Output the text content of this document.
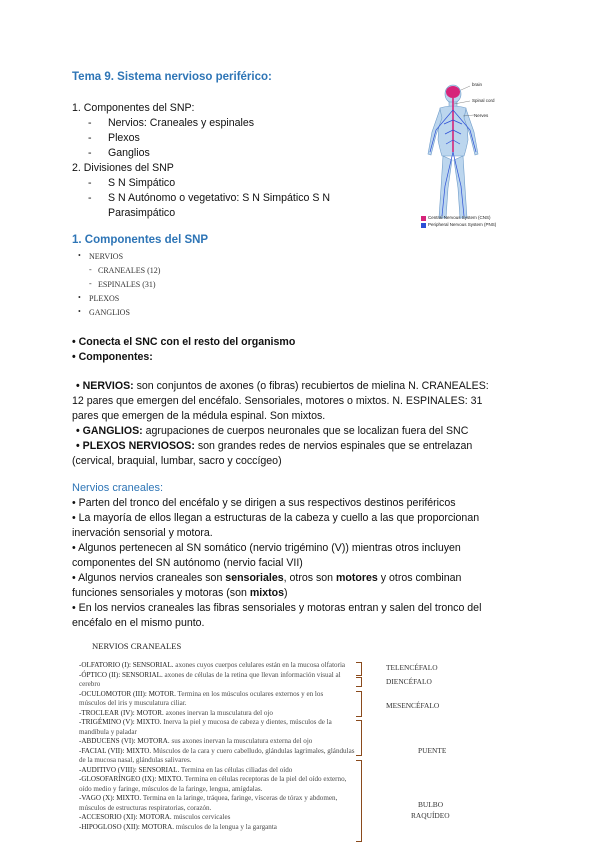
Tema 9. Sistema nervioso periférico:
1. Componentes del SNP:
- Nervios: Craneales y espinales
- Plexos
- Ganglios
2. Divisiones del SNP
- S N Simpático
- S N Autónomo o vegetativo: S N Simpático S N
Parasimpático
brain
Spinal cord
Nerves
Central Nervous System (CNS)
Peripheral Nervous System (PNS)
1. Componentes del SNP
• NERVIOS
- CRANEALES (12)
- ESPINALES (31)
• PLEXOS
• GANGLIOS
• Conecta el SNC con el resto del organismo
• Componentes:
• NERVIOS: son conjuntos de axones (o fibras) recubiertos de mielina N. CRANEALES:
12 pares que emergen del encéfalo. Sensoriales, motores o mixtos. N. ESPINALES: 31
pares que emergen de la médula espinal. Son mixtos.
• GANGLIOS: agrupaciones de cuerpos neuronales que se localizan fuera del SNC
• PLEXOS NERVIOSOS: son grandes redes de nervios espinales que se entrelazan
(cervical, braquial, lumbar, sacro y coccígeo)
Nervios craneales:
• Parten del tronco del encéfalo y se dirigen a sus respectivos destinos periféricos
• La mayoría de ellos llegan a estructuras de la cabeza y cuello a las que proporcionan
inervación sensorial y motora.
• Algunos pertenecen al SN somático (nervio trigémino (V)) mientras otros incluyen
componentes del SN autónomo (nervio facial VII)
• Algunos nervios craneales son sensoriales, otros son motores y otros combinan
funciones sensoriales y motoras (son mixtos)
• En los nervios craneales las fibras sensoriales y motoras entran y salen del tronco del
encéfalo en el mismo punto.
NERVIOS CRANEALES
-OLFATORIO (I): SENSORIAL. axones cuyos cuerpos celulares están en la mucosa olfatoria
-ÓPTICO (II): SENSORIAL. axones de células de la retina que llevan información visual al
cerebro
-OCULOMOTOR (III): MOTOR. Termina en los músculos oculares externos y en los
músculos del iris y musculatura ciliar.
-TROCLEAR (IV): MOTOR. axones inervan la musculatura del ojo
-TRIGÉMINO (V): MIXTO. Inerva la piel y mucosa de cabeza y dientes, músculos de la
mandíbula y paladar
-ABDUCENS (VI): MOTORA. sus axones inervan la musculatura externa del ojo
-FACIAL (VII): MIXTO. Músculos de la cara y cuero cabelludo, glándulas lagrimales, glándulas
de la mucosa nasal, glándulas salivares.
-AUDITIVO (VIII): SENSORIAL. Termina en las células ciliadas del oído
-GLOSOFARÍNGEO (IX): MIXTO. Termina en células receptoras de la piel del oído externo,
oído medio y faringe, músculos de la faringe, lengua, amígdalas.
-VAGO (X): MIXTO. Termina en la laringe, tráquea, faringe, vísceras de tórax y abdomen,
músculos de estructuras respiratorias, corazón.
-ACCESORIO (XI): MOTORA. músculos cervicales
-HIPOGLOSO (XII): MOTORA. músculos de la lengua y la garganta
TELENCÉFALO
DIENCÉFALO
MESENCÉFALO
PUENTE
BULBO
RAQUÍDEO
